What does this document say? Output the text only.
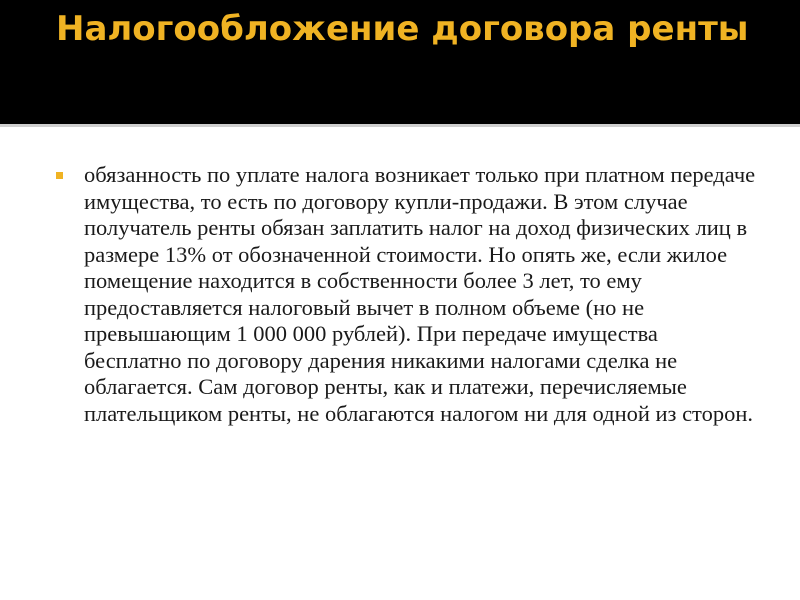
Налогообложение договора ренты

обязанность по уплате налога возникает только при платном передаче имущества, то есть по договору купли-продажи. В этом случае получатель ренты обязан заплатить налог на доход физических лиц в размере 13% от обозначенной стоимости. Но опять же, если жилое помещение находится в собственности более 3 лет, то ему предоставляется налоговый вычет в полном объеме (но не превышающим 1 000 000 рублей). При передаче имущества бесплатно по договору дарения никакими налогами сделка не облагается. Сам договор ренты, как и платежи, перечисляемые плательщиком ренты, не облагаются налогом ни для одной из сторон.
